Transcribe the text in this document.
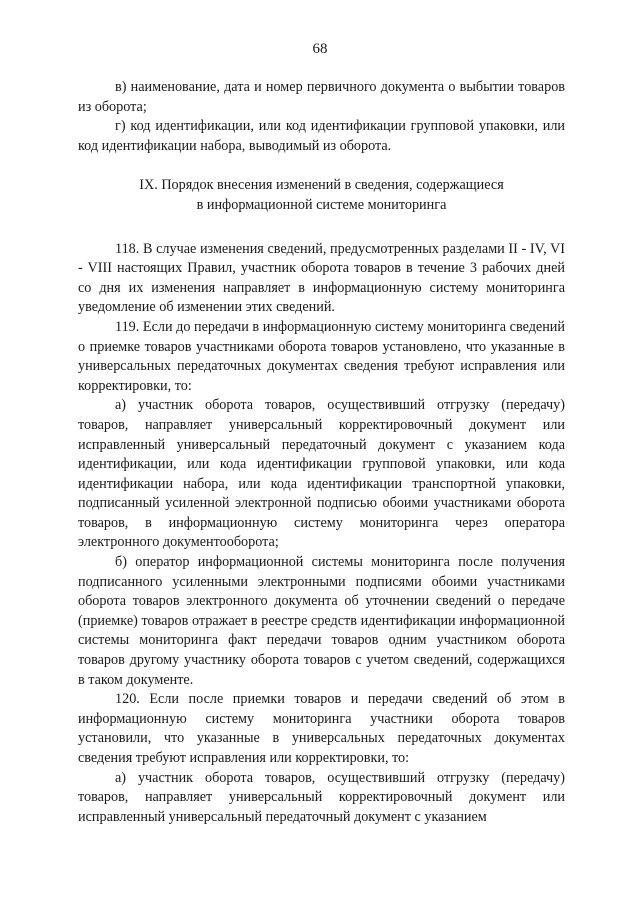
68

в) наименование, дата и номер первичного документа о выбытии товаров из оборота;

г) код идентификации, или код идентификации групповой упаковки, или код идентификации набора, выводимый из оборота.

IX. Порядок внесения изменений в сведения, содержащиеся
в информационной системе мониторинга

118. В случае изменения сведений, предусмотренных разделами II - IV, VI - VIII настоящих Правил, участник оборота товаров в течение 3 рабочих дней со дня их изменения направляет в информационную систему мониторинга уведомление об изменении этих сведений.

119. Если до передачи в информационную систему мониторинга сведений о приемке товаров участниками оборота товаров установлено, что указанные в универсальных передаточных документах сведения требуют исправления или корректировки, то:

а) участник оборота товаров, осуществивший отгрузку (передачу) товаров, направляет универсальный корректировочный документ или исправленный универсальный передаточный документ с указанием кода идентификации, или кода идентификации групповой упаковки, или кода идентификации набора, или кода идентификации транспортной упаковки, подписанный усиленной электронной подписью обоими участниками оборота товаров, в информационную систему мониторинга через оператора электронного документооборота;

б) оператор информационной системы мониторинга после получения подписанного усиленными электронными подписями обоими участниками оборота товаров электронного документа об уточнении сведений о передаче (приемке) товаров отражает в реестре средств идентификации информационной системы мониторинга факт передачи товаров одним участником оборота товаров другому участнику оборота товаров с учетом сведений, содержащихся в таком документе.

120. Если после приемки товаров и передачи сведений об этом в информационную систему мониторинга участники оборота товаров установили, что указанные в универсальных передаточных документах сведения требуют исправления или корректировки, то:

а) участник оборота товаров, осуществивший отгрузку (передачу) товаров, направляет универсальный корректировочный документ или исправленный универсальный передаточный документ с указанием
